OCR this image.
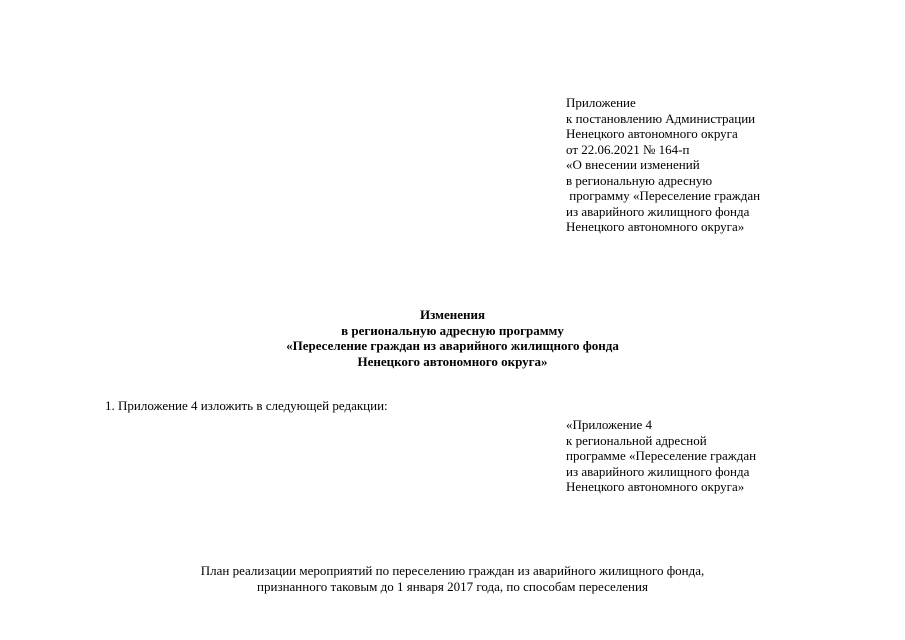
Приложение
к постановлению Администрации
Ненецкого автономного округа
от 22.06.2021 № 164-п
«О внесении изменений
в региональную адресную
программу «Переселение граждан
из аварийного жилищного фонда
Ненецкого автономного округа»
Изменения
в региональную адресную программу
«Переселение граждан из аварийного жилищного фонда
Ненецкого автономного округа»
1. Приложение 4 изложить в следующей редакции:
«Приложение 4
к региональной адресной
программе «Переселение граждан
из аварийного жилищного фонда
Ненецкого автономного округа»
План реализации мероприятий по переселению граждан из аварийного жилищного фонда,
признанного таковым до 1 января 2017 года, по способам переселения
